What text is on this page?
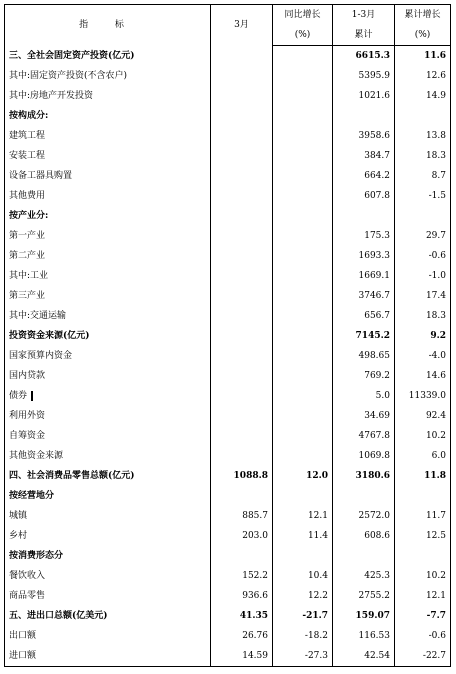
指 标	3月	同比增长	1-3月	累计增长
		(%)	累计	(%)
三、全社会固定资产投资(亿元)			6615.3	11.6
其中:固定资产投资(不含农户)			5395.9	12.6
其中:房地产开发投资			1021.6	14.9
按构成分:				
建筑工程			3958.6	13.8
安装工程			384.7	18.3
设备工器具购置			664.2	8.7
其他费用			607.8	-1.5
按产业分:				
第一产业			175.3	29.7
第二产业			1693.3	-0.6
其中:工业			1669.1	-1.0
第三产业			3746.7	17.4
其中:交通运输			656.7	18.3
投资资金来源(亿元)			7145.2	9.2
国家预算内资金			498.65	-4.0
国内贷款			769.2	14.6
债券			5.0	11339.0
利用外资			34.69	92.4
自筹资金			4767.8	10.2
其他资金来源			1069.8	6.0
四、社会消费品零售总额(亿元)	1088.8	12.0	3180.6	11.8
按经营地分				
城镇	885.7	12.1	2572.0	11.7
乡村	203.0	11.4	608.6	12.5
按消费形态分				
餐饮收入	152.2	10.4	425.3	10.2
商品零售	936.6	12.2	2755.2	12.1
五、进出口总额(亿美元)	41.35	-21.7	159.07	-7.7
出口额	26.76	-18.2	116.53	-0.6
进口额	14.59	-27.3	42.54	-22.7
